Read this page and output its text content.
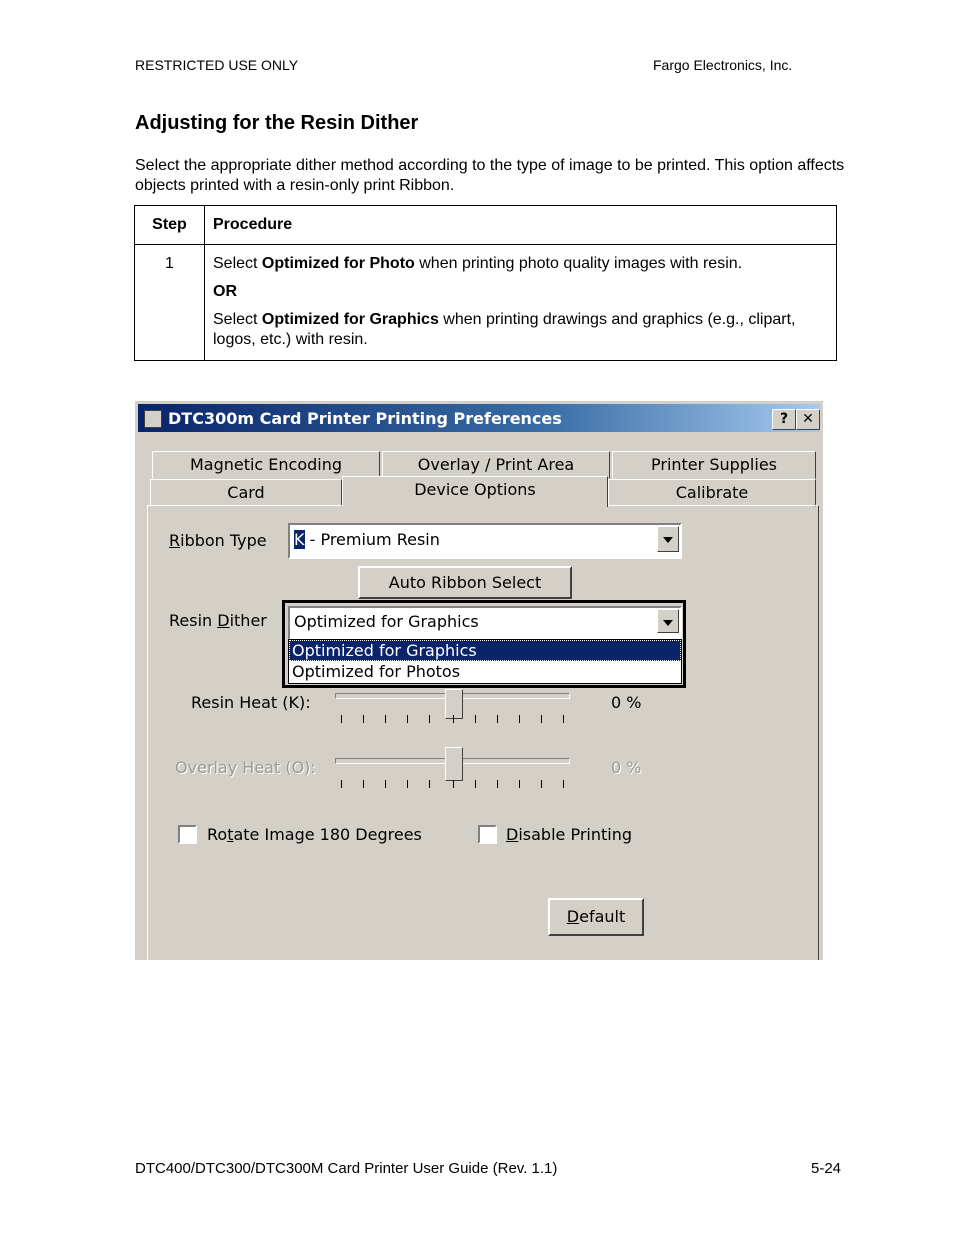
RESTRICTED USE ONLY	Fargo Electronics, Inc.
Adjusting for the Resin Dither
Select the appropriate dither method according to the type of image to be printed. This option affects objects printed with a resin-only print Ribbon.
Step	Procedure
1	Select Optimized for Photo when printing photo quality images with resin.

OR

Select Optimized for Graphics when printing drawings and graphics (e.g., clipart, logos, etc.) with resin.

DTC300m Card Printer Printing Preferences	?	✕
Magnetic Encoding	Overlay / Print Area	Printer Supplies
Card	Device Options	Calibrate
Ribbon Type K - Premium Resin
Auto Ribbon Select
Resin Dither Optimized for Graphics
Optimized for Graphics
Optimized for Photos
Resin Heat (K):	0 %
Overlay Heat (O):	0 %
Rotate Image 180 Degrees	Disable Printing
Default
DTC400/DTC300/DTC300M Card Printer User Guide (Rev. 1.1)	5-24
